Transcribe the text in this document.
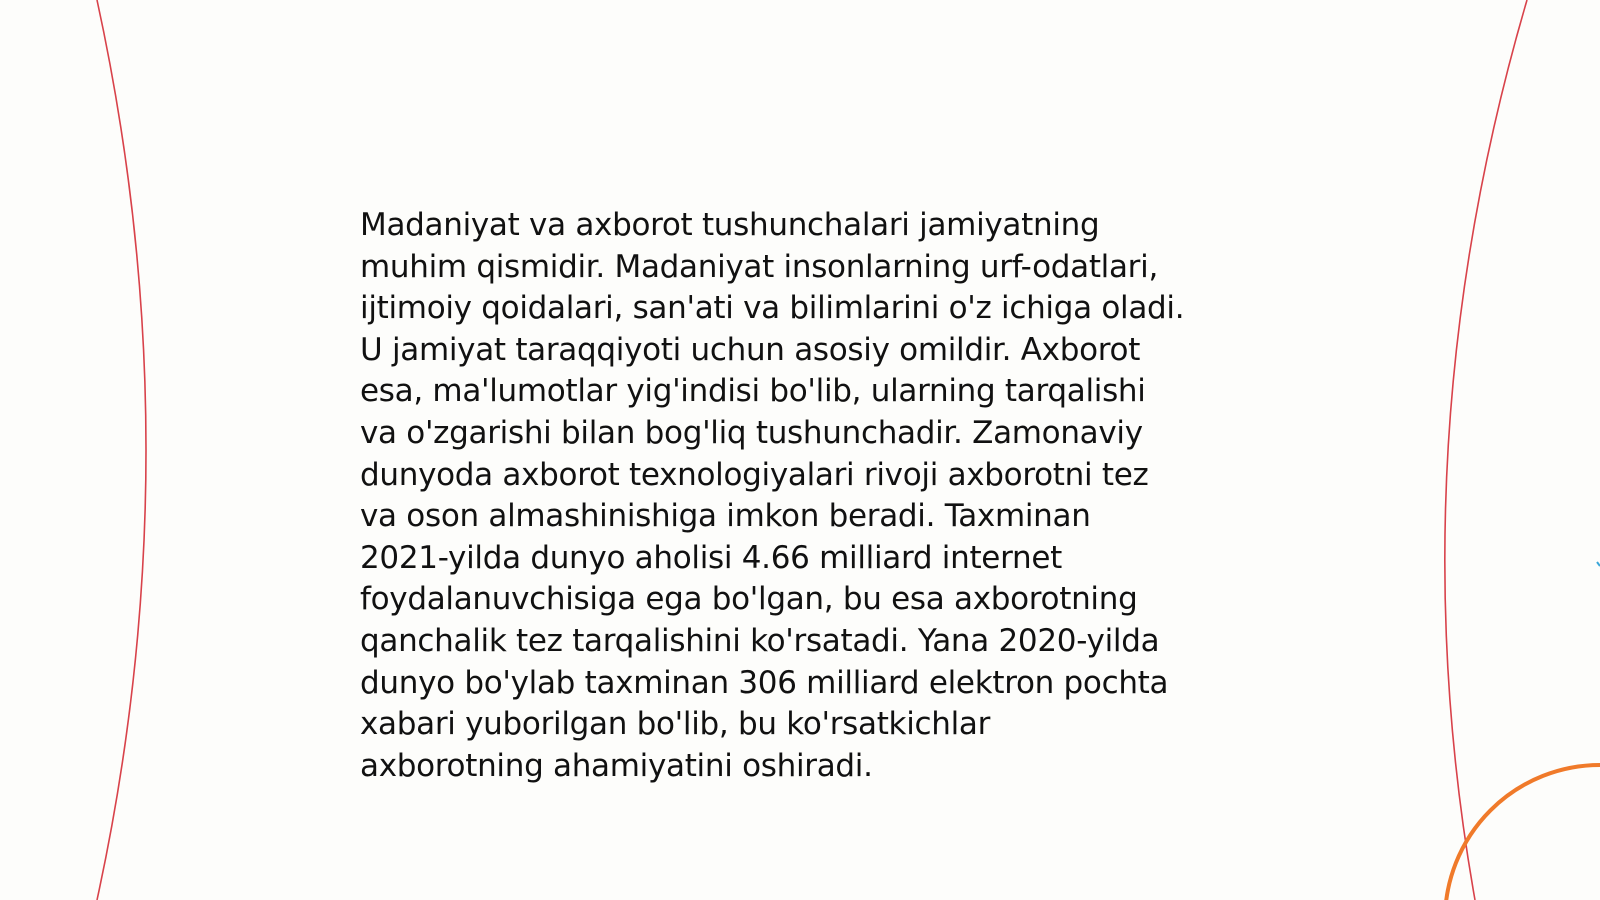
Madaniyat va axborot tushunchalari jamiyatning
muhim qismidir. Madaniyat insonlarning urf-odatlari,
ijtimoiy qoidalari, san'ati va bilimlarini o'z ichiga oladi.
U jamiyat taraqqiyoti uchun asosiy omildir. Axborot
esa, ma'lumotlar yig'indisi bo'lib, ularning tarqalishi
va o'zgarishi bilan bog'liq tushunchadir. Zamonaviy
dunyoda axborot texnologiyalari rivoji axborotni tez
va oson almashinishiga imkon beradi. Taxminan
2021-yilda dunyo aholisi 4.66 milliard internet
foydalanuvchisiga ega bo'lgan, bu esa axborotning
qanchalik tez tarqalishini ko'rsatadi. Yana 2020-yilda
dunyo bo'ylab taxminan 306 milliard elektron pochta
xabari yuborilgan bo'lib, bu ko'rsatkichlar
axborotning ahamiyatini oshiradi.
